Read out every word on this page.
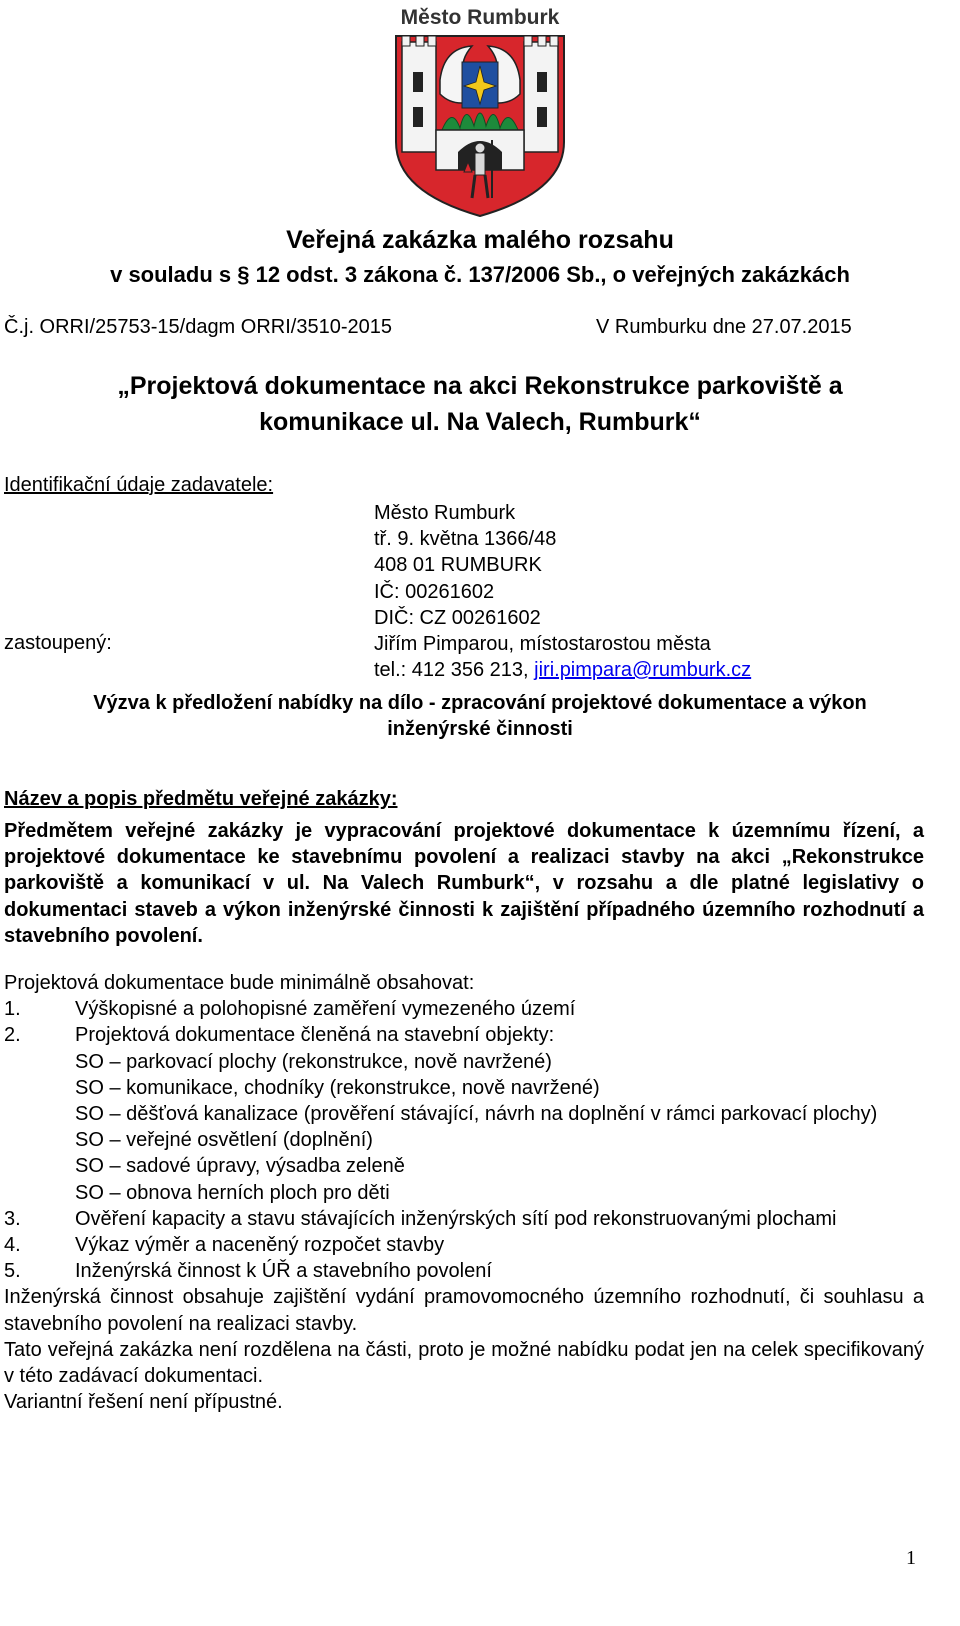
Město Rumburk
Veřejná zakázka malého rozsahu
v souladu s § 12 odst. 3 zákona č. 137/2006 Sb., o veřejných zakázkách
Č.j. ORRI/25753-15/dagm ORRI/3510-2015	V Rumburku dne 27.07.2015
„Projektová dokumentace na akci Rekonstrukce parkoviště a
komunikace ul. Na Valech, Rumburk“
Identifikační údaje zadavatele:
zastoupený:
Město Rumburk
tř. 9. května 1366/48
408 01 RUMBURK
IČ: 00261602
DIČ: CZ 00261602
Jiřím Pimparou, místostarostou města
tel.: 412 356 213, jiri.pimpara@rumburk.cz
Výzva k předložení nabídky na dílo - zpracování projektové dokumentace a výkon
inženýrské činnosti
Název a popis předmětu veřejné zakázky:
Předmětem veřejné zakázky je vypracování projektové dokumentace k územnímu řízení, a projektové dokumentace ke stavebnímu povolení a realizaci stavby na akci „Rekonstrukce parkoviště a komunikací v ul. Na Valech Rumburk“, v rozsahu a dle platné legislativy o dokumentaci staveb a výkon inženýrské činnosti k zajištění případného územního rozhodnutí a stavebního povolení.
Projektová dokumentace bude minimálně obsahovat:
1.	Výškopisné a polohopisné zaměření vymezeného území
2.	Projektová dokumentace členěná na stavební objekty:
SO – parkovací plochy (rekonstrukce, nově navržené)
SO – komunikace, chodníky (rekonstrukce, nově navržené)
SO – děšťová kanalizace (prověření stávající, návrh na doplnění v rámci parkovací plochy)
SO – veřejné osvětlení (doplnění)
SO – sadové úpravy, výsadba zeleně
SO – obnova herních ploch pro děti
3.	Ověření kapacity a stavu stávajících inženýrských sítí pod rekonstruovanými plochami
4.	Výkaz výměr a naceněný rozpočet stavby
5.	Inženýrská činnost k ÚŘ a stavebního povolení
Inženýrská činnost obsahuje zajištění vydání pramovomocného územního rozhodnutí, či souhlasu a stavebního povolení na realizaci stavby.
Tato veřejná zakázka není rozdělena na části, proto je možné nabídku podat jen na celek specifikovaný v této zadávací dokumentaci.
Variantní řešení není přípustné.
1
